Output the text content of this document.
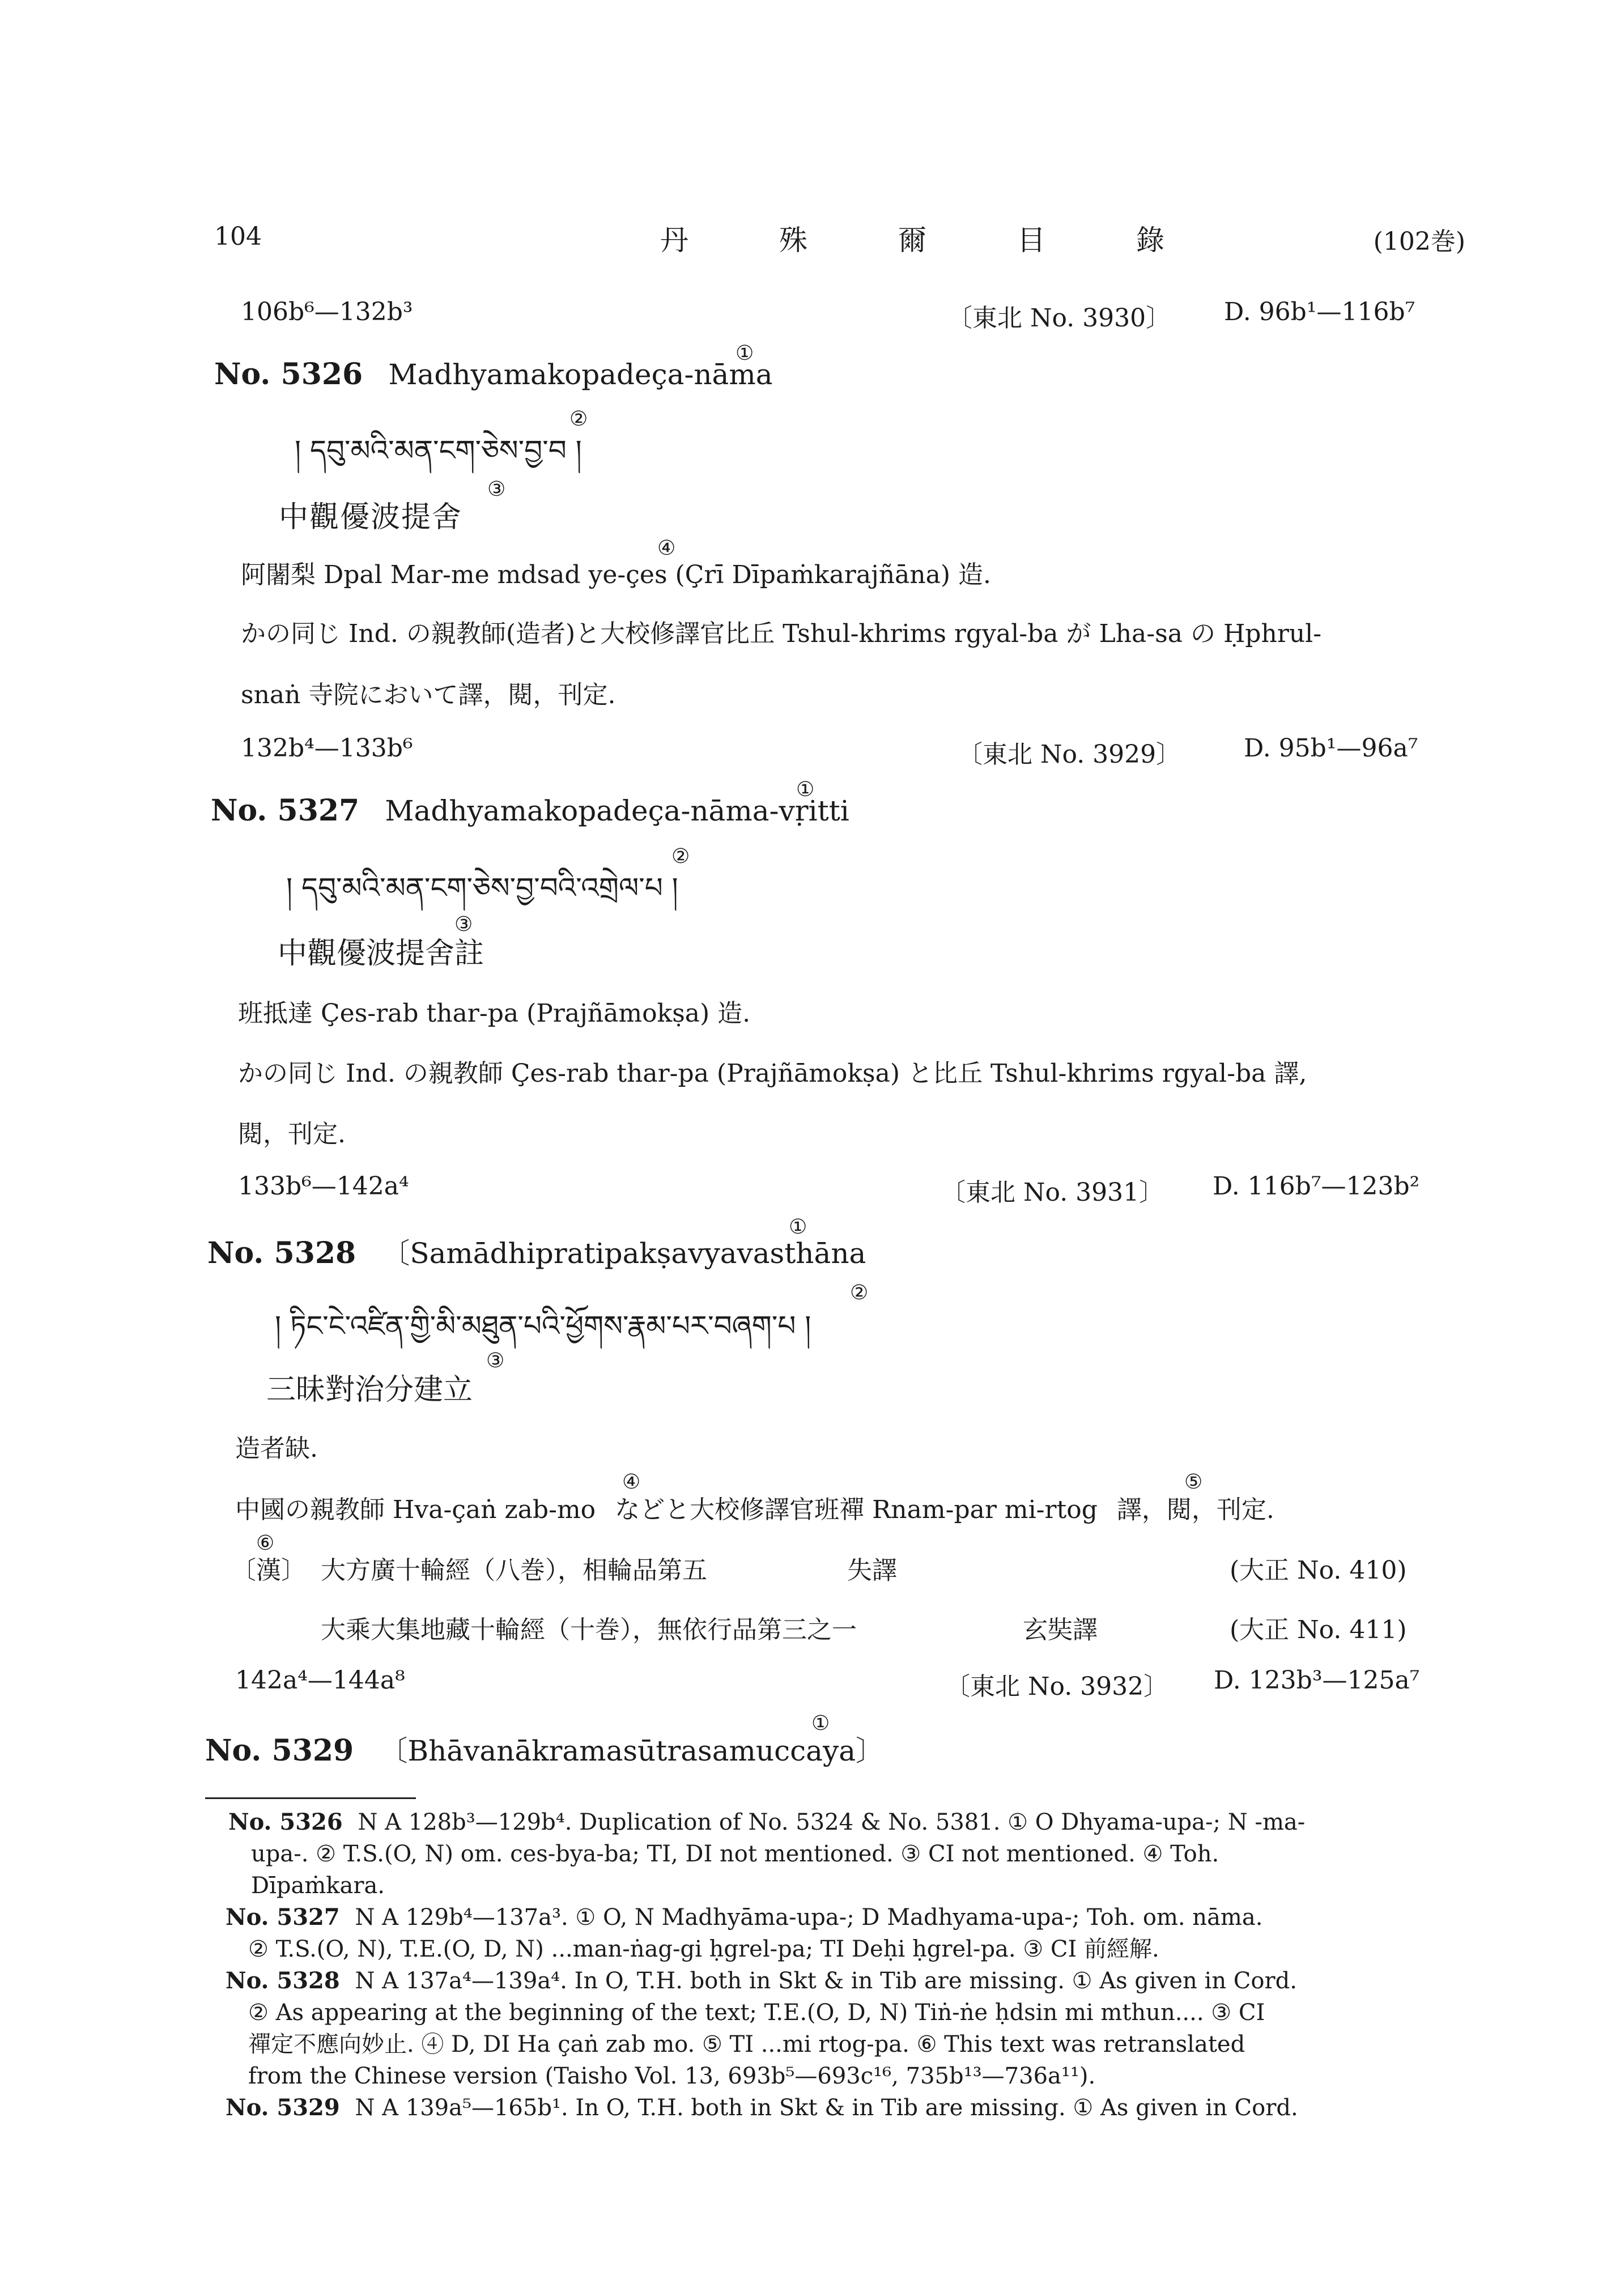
104	丹	殊	爾	目	錄	(102巻)
106b⁶—132b³	〔東北 No. 3930〕 D. 96b¹—116b⁷
No. 5326 Madhyamakopadeça-nāma
①
། དབུ་མའི་མན་ངག་ཅེས་བྱ་བ །
②
中觀優波提舍
③
阿闍梨 Dpal Mar-me mdsad ye-çes (Çrī Dīpaṁkarajñāna) 造.
④
かの同じ Ind. の親教師(造者)と大校修譯官比丘 Tshul-khrims rgyal-ba が Lha-sa の Ḥphrul-
snaṅ 寺院において譯，閱，刊定.
132b⁴—133b⁶	〔東北 No. 3929〕	D. 95b¹—96a⁷
No. 5327 Madhyamakopadeça-nāma-vṛitti
①
། དབུ་མའི་མན་ངག་ཅེས་བྱ་བའི་འགྲེལ་པ །
②
中觀優波提舍註
③
班抵達 Çes-rab thar-pa (Prajñāmokṣa) 造.
かの同じ Ind. の親教師 Çes-rab thar-pa (Prajñāmokṣa) と比丘 Tshul-khrims rgyal-ba 譯,
閱，刊定.
133b⁶—142a⁴	〔東北 No. 3931〕 D. 116b⁷—123b²
No. 5328 〔Samādhipratipakṣavyavasthāna
①
། ཏིང་ངེ་འཛིན་གྱི་མི་མཐུན་པའི་ཕྱོགས་རྣམ་པར་བཞག་པ །
②
三昧對治分建立
③
造者缺.
中國の親教師 Hva-çaṅ zab-mo などと大校修譯官班禪 Rnam-par mi-rtog 譯，閱，刊定.
④	⑤
〔漢〕
⑥
大方廣十輪經（八巻），相輪品第五	失譯	(大正 No. 410)
大乘大集地藏十輪經（十巻），無依行品第三之一	玄奘譯	(大正 No. 411)
142a⁴—144a⁸	〔東北 No. 3932〕 D. 123b³—125a⁷
No. 5329 〔Bhāvanākramasūtrasamuccaya〕
①
No. 5326 N A 128b³—129b⁴. Duplication of No. 5324 & No. 5381. ① O Dhyama-upa-; N -ma-
upa-. ② T.S.(O, N) om. ces-bya-ba; TI, DI not mentioned. ③ CI not mentioned. ④ Toh.
Dīpaṁkara.
No. 5327 N A 129b⁴—137a³. ① O, N Madhyāma-upa-; D Madhyama-upa-; Toh. om. nāma.
② T.S.(O, N), T.E.(O, D, N) ...man-ṅag-gi ḥgrel-pa; TI Deḥi ḥgrel-pa. ③ CI 前經解.
No. 5328 N A 137a⁴—139a⁴. In O, T.H. both in Skt & in Tib are missing. ① As given in Cord.
② As appearing at the beginning of the text; T.E.(O, D, N) Tiṅ-ṅe ḥdsin mi mthun.... ③ CI
禪定不應向妙止. ④ D, DI Ha çaṅ zab mo. ⑤ TI ...mi rtog-pa. ⑥ This text was retranslated
from the Chinese version (Taisho Vol. 13, 693b⁵—693c¹⁶, 735b¹³—736a¹¹).
No. 5329 N A 139a⁵—165b¹. In O, T.H. both in Skt & in Tib are missing. ① As given in Cord.
